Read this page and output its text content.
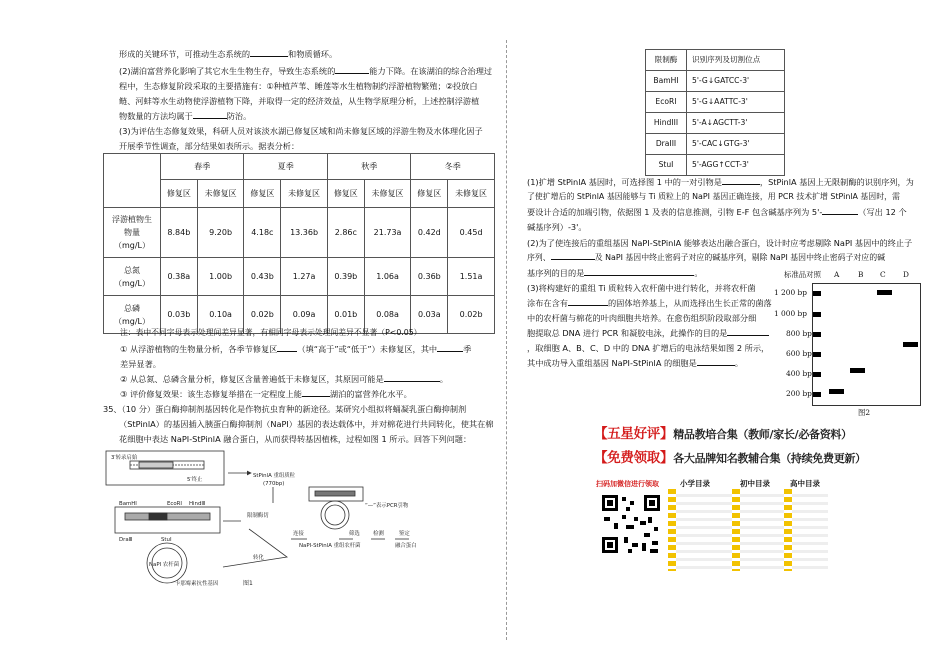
形成的关键环节，可推动生态系统的	和物质循环。
(2)湖泊富营养化影响了其它水生生物生存，导致生态系统的	能力下降。在该湖泊的综合治理过
程中，生态修复阶段采取的主要措施有：①种植芦苇、睡莲等水生植物制约浮游植物繁殖；②投放白
鲢、河蚌等水生动物使浮游植物下降，并取得一定的经济效益，从生物学原理分析，上述控制浮游植
物数量的方法均属于	防治。
(3)为评估生态修复效果，科研人员对该淡水湖已修复区域和尚未修复区域的浮游生物及水体理化因子
开展季节性调查，部分结果如表所示。据表分析：
	春季		夏季		秋季		冬季	
	修复区	未修复区	修复区	未修复区	修复区	未修复区	修复区	未修复区
浮游植物生
物量
（mg/L）	8.84b	9.20b	4.18c	13.36b	2.86c	21.73a	0.42d	0.45d
总氮
（mg/L）	0.38a	1.00b	0.43b	1.27a	0.39b	1.06a	0.36b	1.51a
总磷
（mg/L）	0.03b	0.10a	0.02b	0.09a	0.01b	0.08a	0.03a	0.02b
注：表中不同字母表示处理间差异显著，有相同字母表示处理间差异不显著（P<0.05）
① 从浮游植物的生物量分析，各季节修复区 （填“高于”或“低于”）未修复区，其中	季
差异显著。
② 从总氮、总磷含量分析，修复区含量普遍低于未修复区，其原因可能是	。
③ 评价修复效果：该生态修复举措在一定程度上能	湖泊的富营养化水平。
35、（10 分）蛋白酶抑制剂基因转化是作物抗虫育种的新途径。某研究小组拟将蛹凝乳蛋白酶抑制剂
（StPinlA）的基因插入胰蛋白酶抑制剂（NaPI）基因的表达载体中，并对棉花进行共同转化，使其在棉
花细胞中表达 NaPI-StPinlA 融合蛋白，从而获得转基因植株，过程如图 1 所示。回答下列问题：
StPinlA 重组质粒
(770bp)
“—”表示PCR引物
NaPI 农杆菌
NaPI-StPinlA 重组农杆菌
卡那霉素抗性基因
筛选 检测	鉴定
连接
融合蛋白
BamHⅠ	EcoRⅠ HindⅢ
DraⅢ	StuⅠ
限制酶切
转化
3′转录启始
5′终止
图1
限制酶	识别序列及切割位点
BamHI	5'-G↓GATCC-3'
EcoRI	5'-G↓AATTC-3'
HindIII	5'-A↓AGCTT-3'
DraIII	5'-CAC↓GTG-3'
StuI	5'-AGG↑CCT-3'
(1)扩增 StPinlA 基因时，可选择图 1 中的一对引物是	，StPinlA 基因上无限制酶的识别序列，为
了使扩增后的 StPinlA 基因能够与 Ti 质粒上的 NaPI 基因正确连接，用 PCR 技术扩增 StPinlA 基因时，需
要设计合适的加端引物，依据图 1 及表的信息推测，引物 E-F 包含碱基序列为 5'-	（写出 12 个
碱基序列）-3'。
(2)为了使连接后的重组基因 NaPI-StPinlA 能够表达出融合蛋白，设计时应考虑剔除 NaPI 基因中的终止子
序列、	及 NaPI 基因中终止密码子对应的碱基序列，剔除 NaPI 基因中终止密码子对应的碱
基序列的目的是	。
(3)将构建好的重组 Ti 质粒转入农杆菌中进行转化，并将农杆菌
涂布在含有	的固体培养基上，从而选择出生长正常的菌落
中的农杆菌与棉花的叶肉细胞共培养。在愈伤组织阶段取部分细
胞提取总 DNA 进行 PCR 和凝胶电泳，此操作的目的是
，取细胞 A、B、C、D 中的 DNA 扩增后的电泳结果如图 2 所示，
其中成功导入重组基因 NaPI-StPinlA 的细胞是	。
标准品对照 A	B C D
1 200 bp
1 000 bp
800 bp
600 bp
400 bp
200 bp
图2
【五星好评】精品教培合集（教师/家长/必备资料）
【免费领取】各大品牌知名教辅合集（持续免费更新）
扫码加微信进行领取	小学目录	初中目录	高中目录
